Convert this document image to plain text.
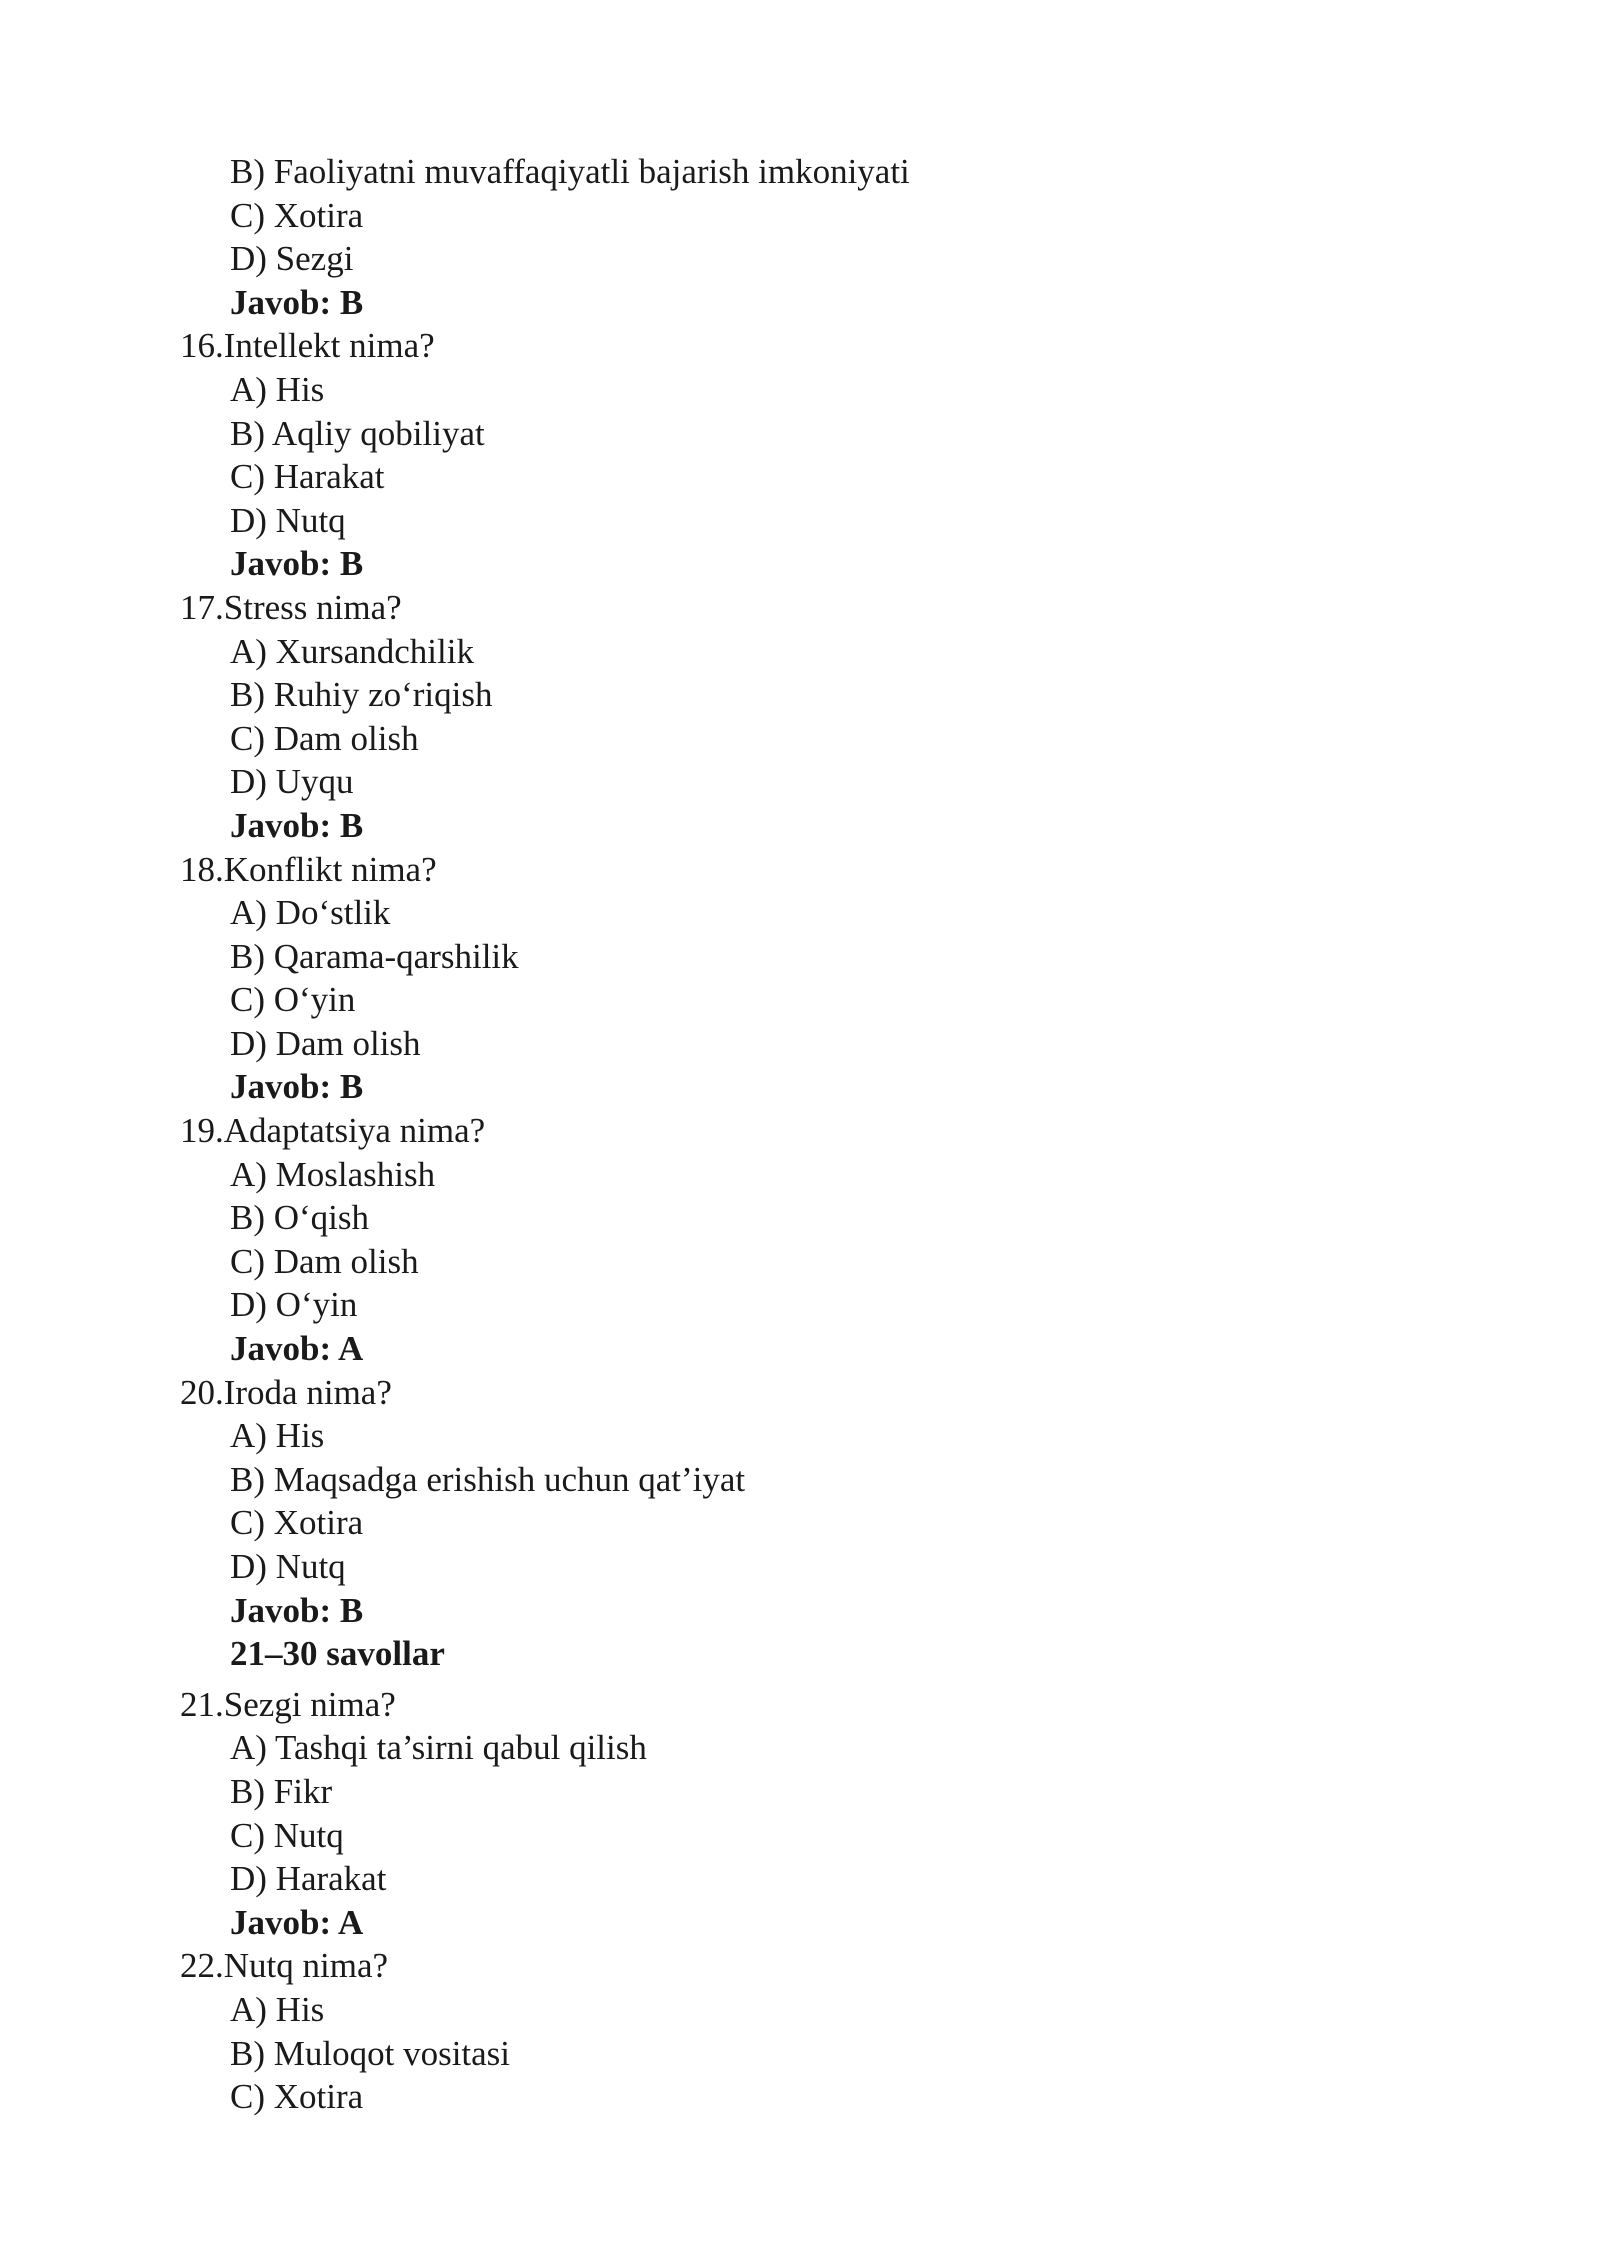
B) Faoliyatni muvaffaqiyatli bajarish imkoniyati
C) Xotira
D) Sezgi
Javob: B
16.Intellekt nima?
A) His
B) Aqliy qobiliyat
C) Harakat
D) Nutq
Javob: B
17.Stress nima?
A) Xursandchilik
B) Ruhiy zo‘riqish
C) Dam olish
D) Uyqu
Javob: B
18.Konflikt nima?
A) Do‘stlik
B) Qarama-qarshilik
C) O‘yin
D) Dam olish
Javob: B
19.Adaptatsiya nima?
A) Moslashish
B) O‘qish
C) Dam olish
D) O‘yin
Javob: A
20.Iroda nima?
A) His
B) Maqsadga erishish uchun qat’iyat
C) Xotira
D) Nutq
Javob: B
21–30 savollar
21.Sezgi nima?
A) Tashqi ta’sirni qabul qilish
B) Fikr
C) Nutq
D) Harakat
Javob: A
22.Nutq nima?
A) His
B) Muloqot vositasi
C) Xotira
